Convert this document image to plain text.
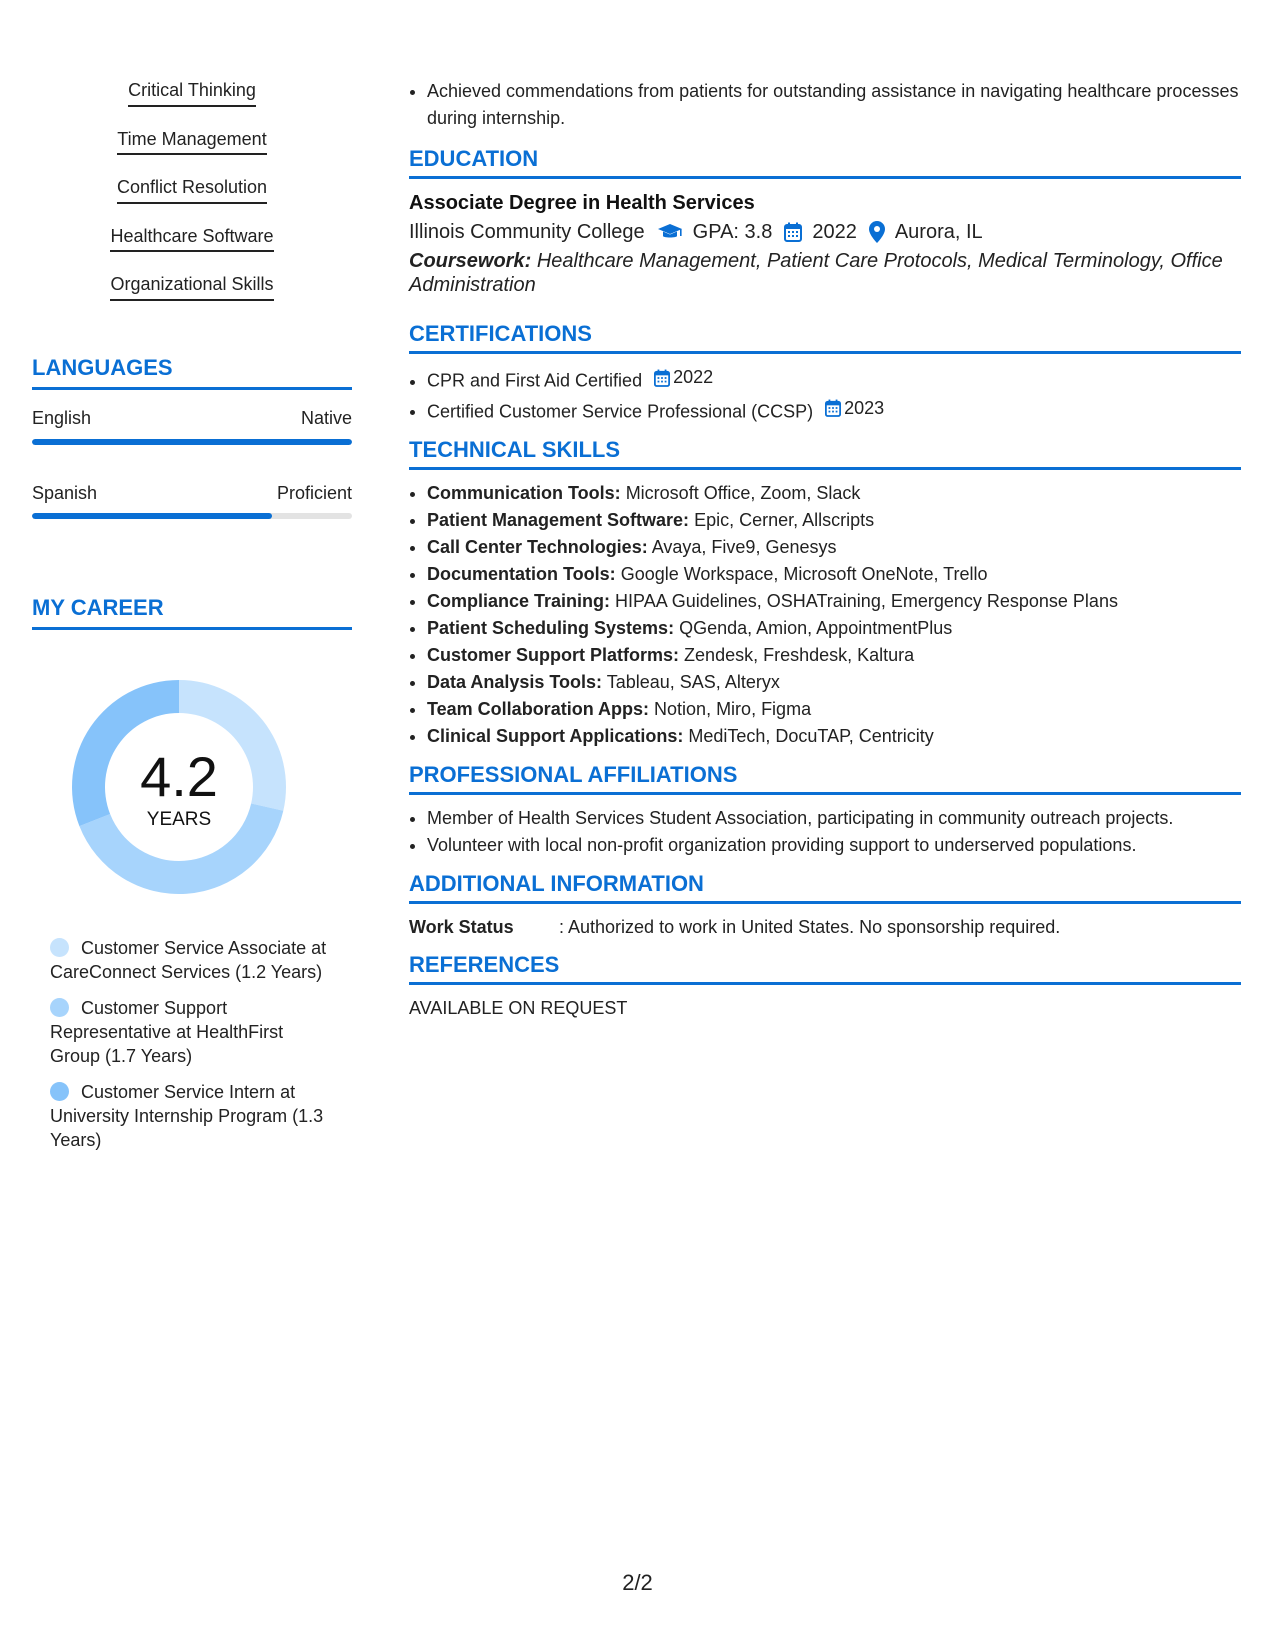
Critical Thinking
Time Management
Conflict Resolution
Healthcare Software
Organizational Skills
LANGUAGES
English	Native
Spanish	Proficient
MY CAREER
4.2
YEARS
Customer Service Associate at CareConnect Services (1.2 Years)
Customer Support Representative at HealthFirst Group (1.7 Years)
Customer Service Intern at University Internship Program (1.3 Years)
• Achieved commendations from patients for outstanding assistance in navigating healthcare processes during internship.
EDUCATION
Associate Degree in Health Services
Illinois Community College GPA: 3.8 2022 Aurora, IL
Coursework: Healthcare Management, Patient Care Protocols, Medical Terminology, Office Administration
CERTIFICATIONS
• CPR and First Aid Certified 2022
• Certified Customer Service Professional (CCSP) 2023
TECHNICAL SKILLS
• Communication Tools: Microsoft Office, Zoom, Slack
• Patient Management Software: Epic, Cerner, Allscripts
• Call Center Technologies: Avaya, Five9, Genesys
• Documentation Tools: Google Workspace, Microsoft OneNote, Trello
• Compliance Training: HIPAA Guidelines, OSHATraining, Emergency Response Plans
• Patient Scheduling Systems: QGenda, Amion, AppointmentPlus
• Customer Support Platforms: Zendesk, Freshdesk, Kaltura
• Data Analysis Tools: Tableau, SAS, Alteryx
• Team Collaboration Apps: Notion, Miro, Figma
• Clinical Support Applications: MediTech, DocuTAP, Centricity
PROFESSIONAL AFFILIATIONS
• Member of Health Services Student Association, participating in community outreach projects.
• Volunteer with local non-profit organization providing support to underserved populations.
ADDITIONAL INFORMATION
Work Status	: Authorized to work in United States. No sponsorship required.
REFERENCES
AVAILABLE ON REQUEST
2/2
